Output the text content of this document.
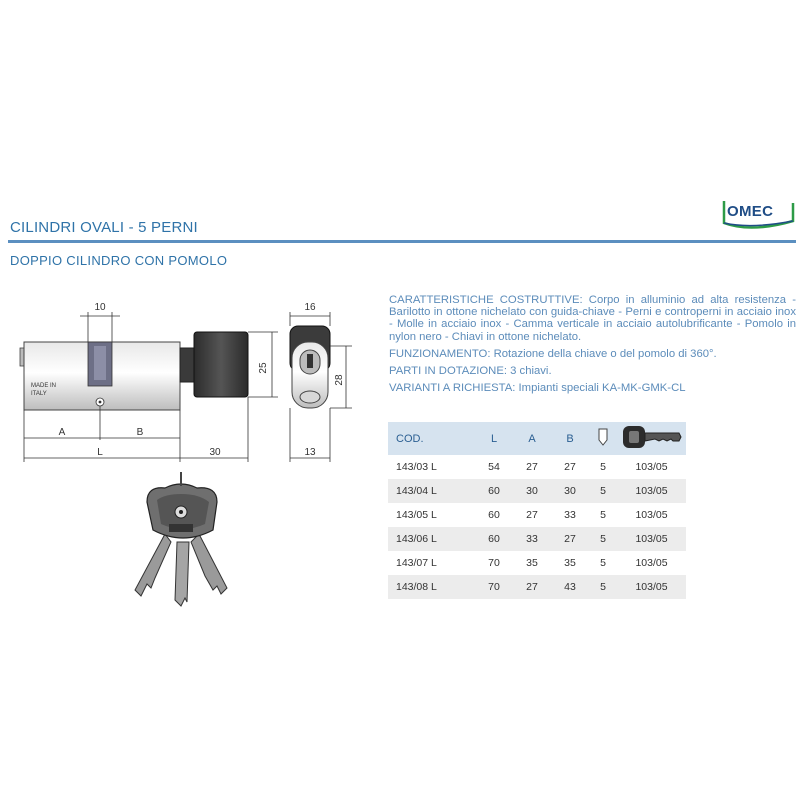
CILINDRI OVALI - 5 PERNI
OMEC
DOPPIO CILINDRO CON POMOLO
MADE IN
ITALY
10	16
25
28
A	B
L	30	13

CARATTERISTICHE COSTRUTTIVE: Corpo in alluminio ad alta resistenza - Barilotto in ottone nichelato con guida-chiave - Perni e controperni in acciaio inox - Molle in acciaio inox - Camma verticale in acciaio autolubrificante - Pomolo in nylon nero - Chiavi in ottone nichelato.

FUNZIONAMENTO: Rotazione della chiave o del pomolo di 360°.

PARTI IN DOTAZIONE: 3 chiavi.

VARIANTI A RICHIESTA: Impianti speciali KA-MK-GMK-CL

COD.	L	A	B		
143/03 L	54	27	27	5	103/05
143/04 L	60	30	30	5	103/05
143/05 L	60	27	33	5	103/05
143/06 L	60	33	27	5	103/05
143/07 L	70	35	35	5	103/05
143/08 L	70	27	43	5	103/05
